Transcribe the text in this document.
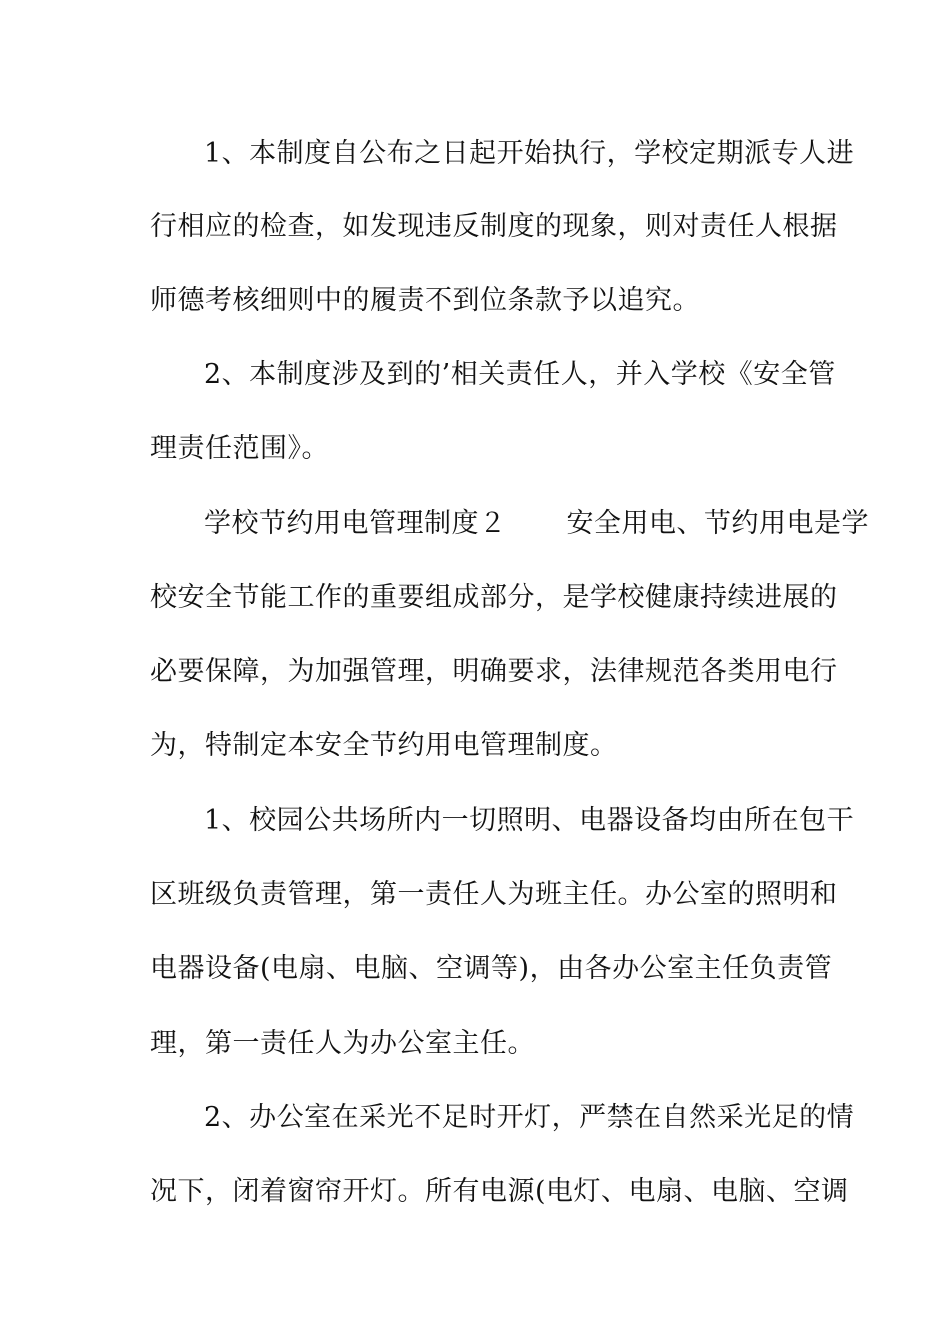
1、本制度自公布之日起开始执行，学校定期派专人进
行相应的检查，如发现违反制度的现象，则对责任人根据
师德考核细则中的履责不到位条款予以追究。
2、本制度涉及到的’相关责任人，并入学校《安全管
理责任范围》。
学校节约用电管理制度２ 安全用电、节约用电是学
校安全节能工作的重要组成部分，是学校健康持续进展的
必要保障，为加强管理，明确要求，法律规范各类用电行
为，特制定本安全节约用电管理制度。
1、校园公共场所内一切照明、电器设备均由所在包干
区班级负责管理，第一责任人为班主任。办公室的照明和
电器设备(电扇、电脑、空调等)，由各办公室主任负责管
理，第一责任人为办公室主任。
2、办公室在采光不足时开灯，严禁在自然采光足的情
况下，闭着窗帘开灯。所有电源(电灯、电扇、电脑、空调
